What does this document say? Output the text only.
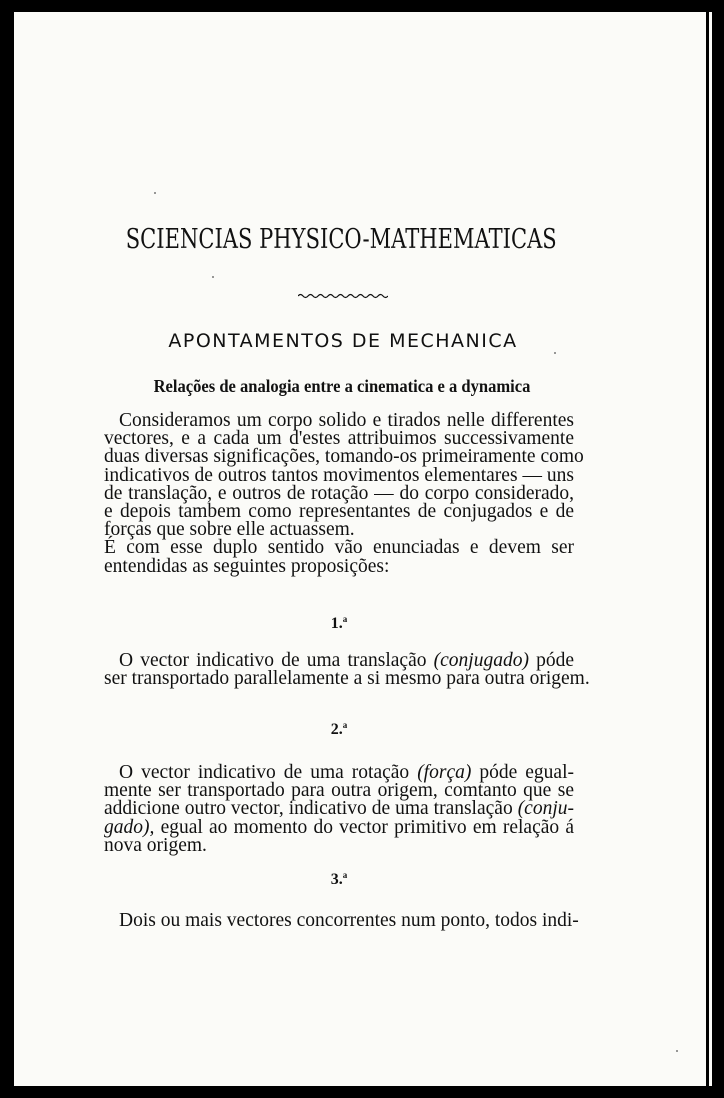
SCIENCIAS PHYSICO-MATHEMATICAS
APONTAMENTOS DE MECHANICA
Relações de analogia entre a cinematica e a dynamica
Consideramos um corpo solido e tirados nelle differentes
vectores, e a cada um d'estes attribuimos successivamente
duas diversas significações, tomando-os primeiramente como
indicativos de outros tantos movimentos elementares — uns
de translação, e outros de rotação — do corpo considerado,
e depois tambem como representantes de conjugados e de
forças que sobre elle actuassem.
É com esse duplo sentido vão enunciadas e devem ser
entendidas as seguintes proposições:
1.$^a$
O vector indicativo de uma translação (conjugado) póde
ser transportado parallelamente a si mesmo para outra origem.
2.$^a$
O vector indicativo de uma rotação (força) póde egual-
mente ser transportado para outra origem, comtanto que se
addicione outro vector, indicativo de uma translação (conju-
gado), egual ao momento do vector primitivo em relação á
nova origem.
3.$^a$
Dois ou mais vectores concorrentes num ponto, todos indi-
